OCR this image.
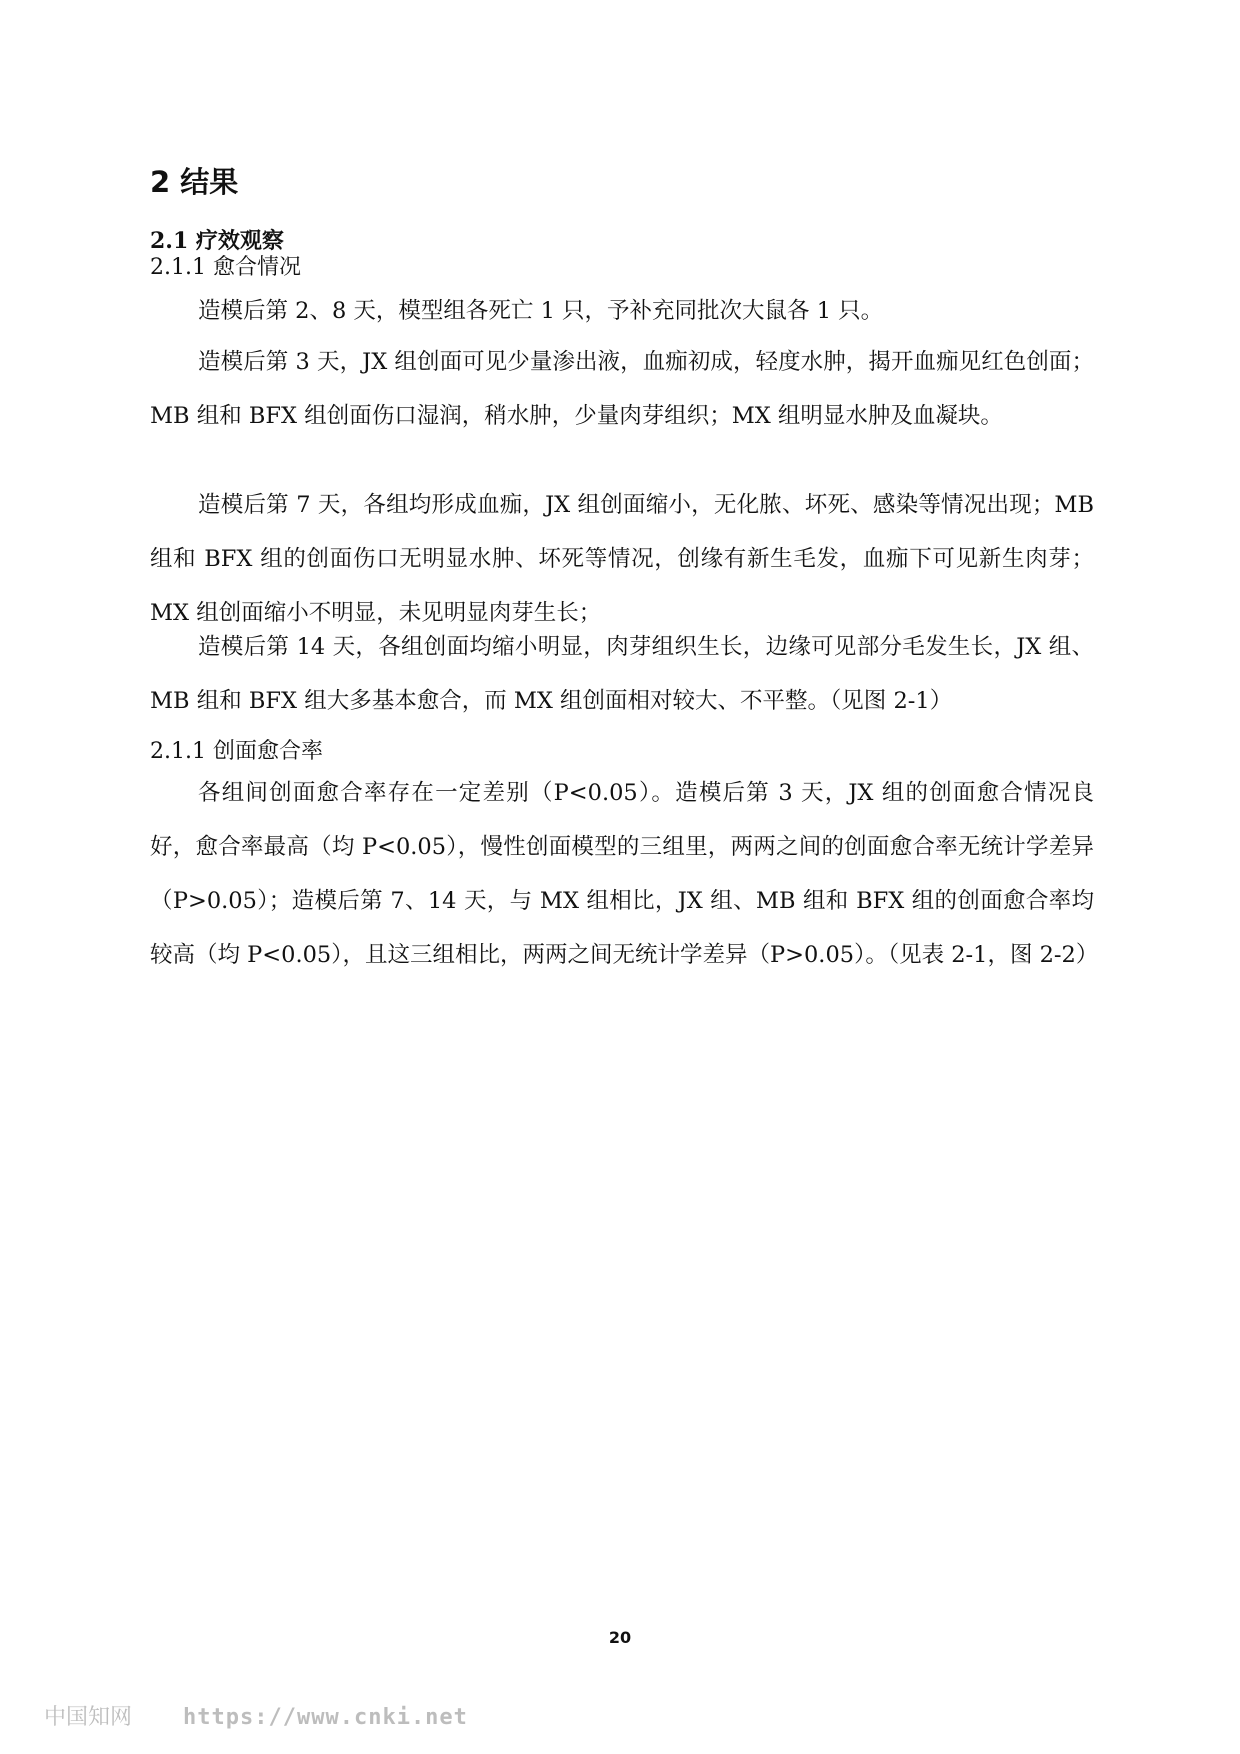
2 结果
2.1 疗效观察
2.1.1 愈合情况

造模后第 2、8 天，模型组各死亡 1 只，予补充同批次大鼠各 1 只。

造模后第 3 天，JX 组创面可见少量渗出液，血痂初成，轻度水肿，揭开血痂见红色创面；MB 组和 BFX 组创面伤口湿润，稍水肿，少量肉芽组织；MX 组明显水肿及血凝块。

造模后第 7 天，各组均形成血痂，JX 组创面缩小，无化脓、坏死、感染等情况出现；MB 组和 BFX 组的创面伤口无明显水肿、坏死等情况，创缘有新生毛发，血痂下可见新生肉芽；MX 组创面缩小不明显，未见明显肉芽生长；

造模后第 14 天，各组创面均缩小明显，肉芽组织生长，边缘可见部分毛发生长，JX 组、MB 组和 BFX 组大多基本愈合，而 MX 组创面相对较大、不平整。（见图 2-1）

2.1.1 创面愈合率

各组间创面愈合率存在一定差别（P<0.05）。造模后第 3 天，JX 组的创面愈合情况良好，愈合率最高（均 P<0.05），慢性创面模型的三组里，两两之间的创面愈合率无统计学差异（P>0.05）；造模后第 7、14 天，与 MX 组相比，JX 组、MB 组和 BFX 组的创面愈合率均较高（均 P<0.05），且这三组相比，两两之间无统计学差异（P>0.05）。（见表 2-1，图 2-2）

20
中国知网 https://www.cnki.net
